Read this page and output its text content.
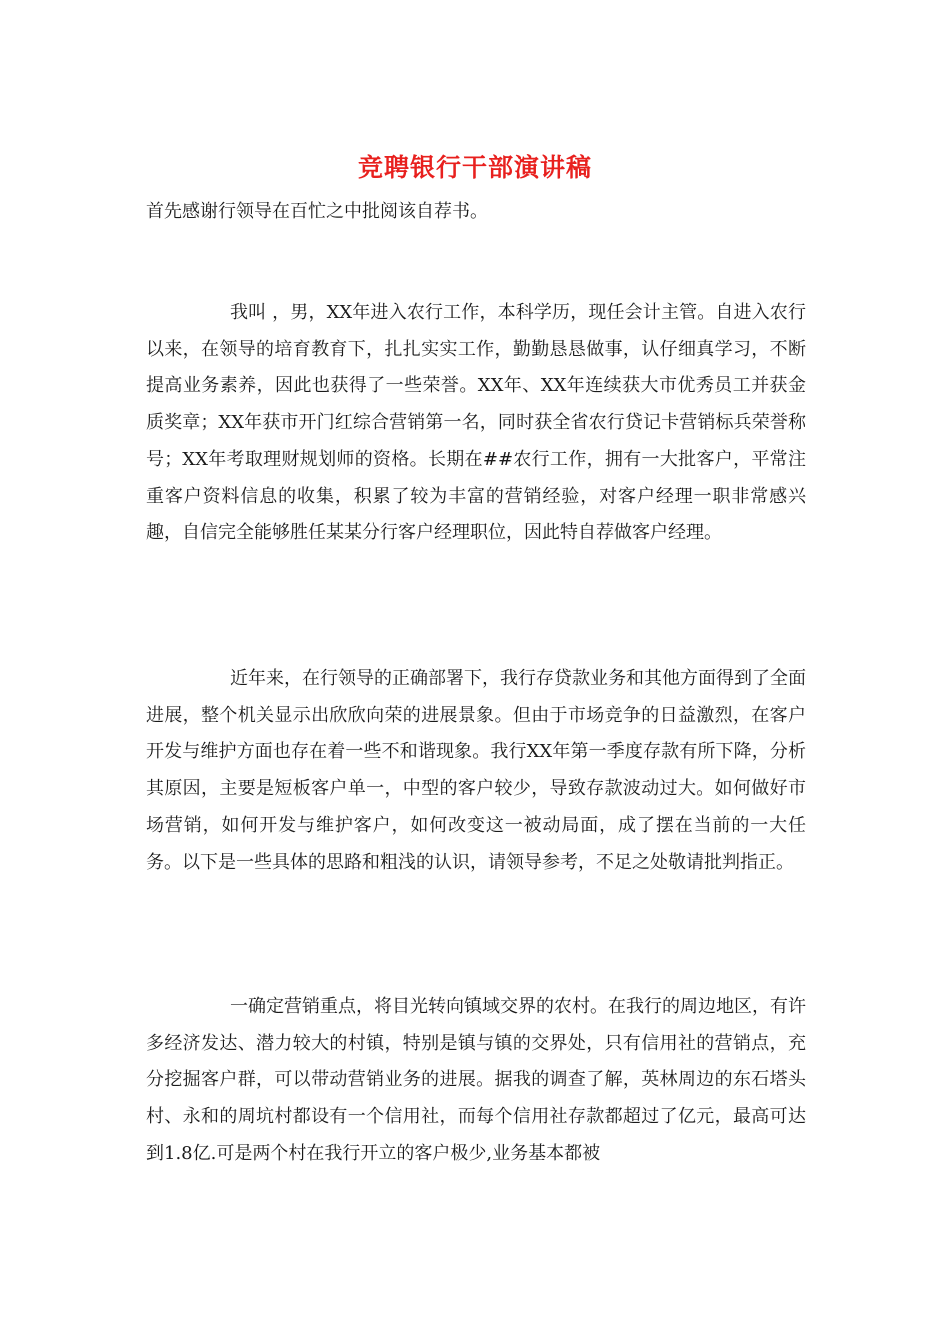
竞聘银行干部演讲稿
首先感谢行领导在百忙之中批阅该自荐书。

我叫 ，男，XX年进入农行工作，本科学历，现任会计主管。自进入农行以来，在领导的培育教育下，扎扎实实工作，勤勤恳恳做事，认仔细真学习，不断提高业务素养，因此也获得了一些荣誉。XX年、XX年连续获大市优秀员工并获金质奖章；XX年获市开门红综合营销第一名，同时获全省农行贷记卡营销标兵荣誉称号；XX年考取理财规划师的资格。长期在##农行工作，拥有一大批客户，平常注重客户资料信息的收集，积累了较为丰富的营销经验，对客户经理一职非常感兴趣，自信完全能够胜任某某分行客户经理职位，因此特自荐做客户经理。

近年来，在行领导的正确部署下，我行存贷款业务和其他方面得到了全面进展，整个机关显示出欣欣向荣的进展景象。但由于市场竞争的日益激烈，在客户开发与维护方面也存在着一些不和谐现象。我行XX年第一季度存款有所下降，分析其原因，主要是短板客户单一，中型的客户较少，导致存款波动过大。如何做好市场营销，如何开发与维护客户，如何改变这一被动局面，成了摆在当前的一大任务。以下是一些具体的思路和粗浅的认识，请领导参考，不足之处敬请批判指正。

一确定营销重点，将目光转向镇域交界的农村。在我行的周边地区，有许多经济发达、潜力较大的村镇，特别是镇与镇的交界处，只有信用社的营销点，充分挖掘客户群，可以带动营销业务的进展。据我的调查了解，英林周边的东石塔头村、永和的周坑村都设有一个信用社，而每个信用社存款都超过了亿元，最高可达到1.8亿.可是两个村在我行开立的客户极少,业务基本都被
